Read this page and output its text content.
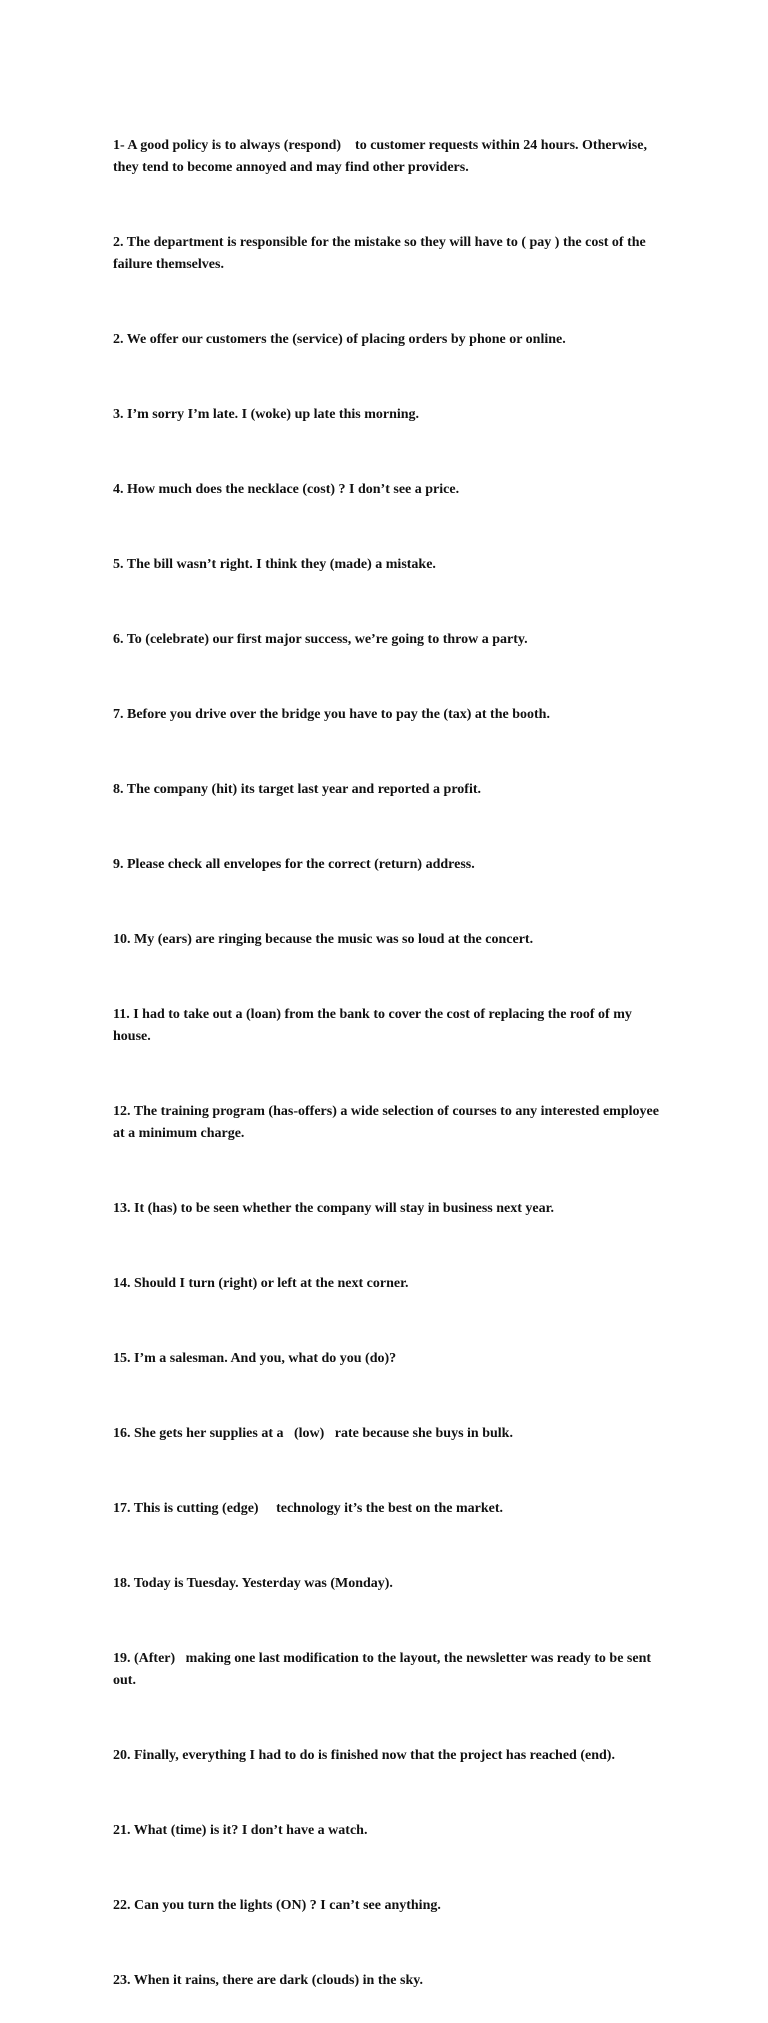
1- A good policy is to always (respond)    to customer requests within 24 hours. Otherwise, they tend to become annoyed and may find other providers.

2. The department is responsible for the mistake so they will have to ( pay ) the cost of the failure themselves.

2. We offer our customers the (service) of placing orders by phone or online.

3. I’m sorry I’m late. I (woke) up late this morning.

4. How much does the necklace (cost) ? I don’t see a price.

5. The bill wasn’t right. I think they (made) a mistake.

6. To (celebrate) our first major success, we’re going to throw a party.

7. Before you drive over the bridge you have to pay the (tax) at the booth.

8. The company (hit) its target last year and reported a profit.

9. Please check all envelopes for the correct (return) address.

10. My (ears) are ringing because the music was so loud at the concert.

11. I had to take out a (loan) from the bank to cover the cost of replacing the roof of my house.

12. The training program (has-offers) a wide selection of courses to any interested employee at a minimum charge.

13. It (has) to be seen whether the company will stay in business next year.

14. Should I turn (right) or left at the next corner.

15. I’m a salesman. And you, what do you (do)?

16. She gets her supplies at a   (low)   rate because she buys in bulk.

17. This is cutting (edge)     technology it’s the best on the market.

18. Today is Tuesday. Yesterday was (Monday).

19. (After)   making one last modification to the layout, the newsletter was ready to be sent out.

20. Finally, everything I had to do is finished now that the project has reached (end).

21. What (time) is it? I don’t have a watch.

22. Can you turn the lights (ON) ? I can’t see anything.

23. When it rains, there are dark (clouds) in the sky.
